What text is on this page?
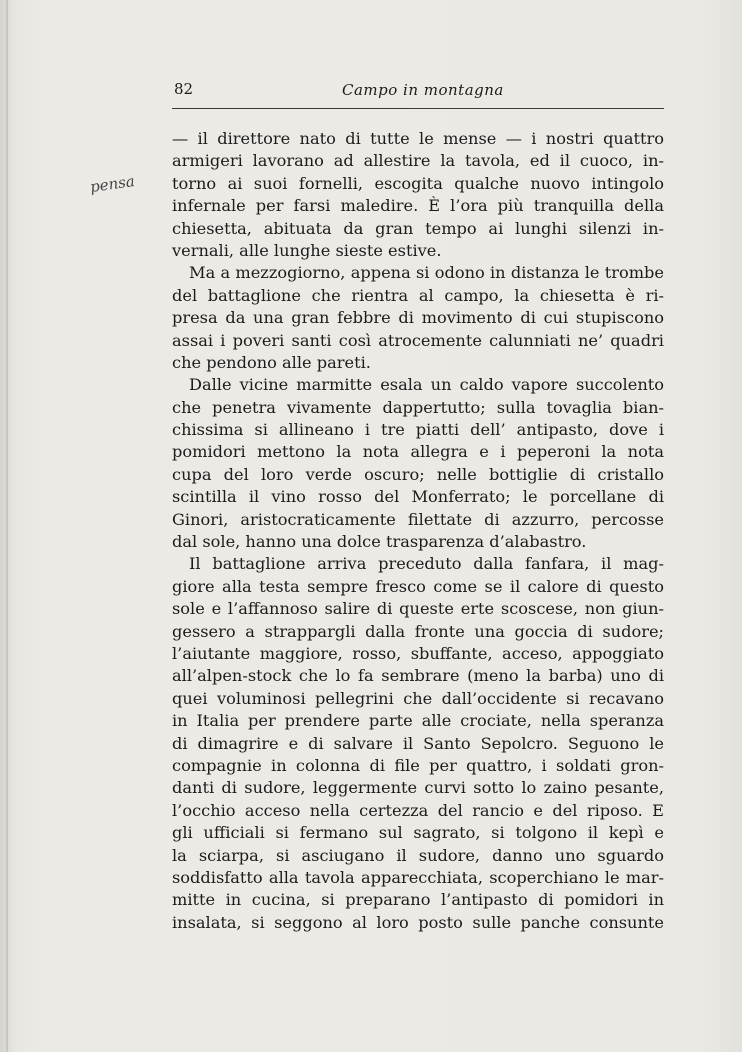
82	Campo in montagna
pensa
— il direttore nato di tutte le mense — i nostri quattro
armigeri lavorano ad allestire la tavola, ed il cuoco, in-
torno ai suoi fornelli, escogita qualche nuovo intingolo
infernale per farsi maledire. È l’ora più tranquilla della
chiesetta, abituata da gran tempo ai lunghi silenzi in-
vernali, alle lunghe sieste estive.
Ma a mezzogiorno, appena si odono in distanza le trombe
del battaglione che rientra al campo, la chiesetta è ri-
presa da una gran febbre di movimento di cui stupiscono
assai i poveri santi così atrocemente calunniati ne’ quadri
che pendono alle pareti.
Dalle vicine marmitte esala un caldo vapore succolento
che penetra vivamente dappertutto; sulla tovaglia bian-
chissima si allineano i tre piatti dell’ antipasto, dove i
pomidori mettono la nota allegra e i peperoni la nota
cupa del loro verde oscuro; nelle bottiglie di cristallo
scintilla il vino rosso del Monferrato; le porcellane di
Ginori, aristocraticamente filettate di azzurro, percosse
dal sole, hanno una dolce trasparenza d’alabastro.
Il battaglione arriva preceduto dalla fanfara, il mag-
giore alla testa sempre fresco come se il calore di questo
sole e l’affannoso salire di queste erte scoscese, non giun-
gessero a strappargli dalla fronte una goccia di sudore;
l’aiutante maggiore, rosso, sbuffante, acceso, appoggiato
all’alpen-stock che lo fa sembrare (meno la barba) uno di
quei voluminosi pellegrini che dall’occidente si recavano
in Italia per prendere parte alle crociate, nella speranza
di dimagrire e di salvare il Santo Sepolcro. Seguono le
compagnie in colonna di file per quattro, i soldati gron-
danti di sudore, leggermente curvi sotto lo zaino pesante,
l’occhio acceso nella certezza del rancio e del riposo. E
gli ufficiali si fermano sul sagrato, si tolgono il kepì e
la sciarpa, si asciugano il sudore, danno uno sguardo
soddisfatto alla tavola apparecchiata, scoperchiano le mar-
mitte in cucina, si preparano l’antipasto di pomidori in
insalata, si seggono al loro posto sulle panche consunte
